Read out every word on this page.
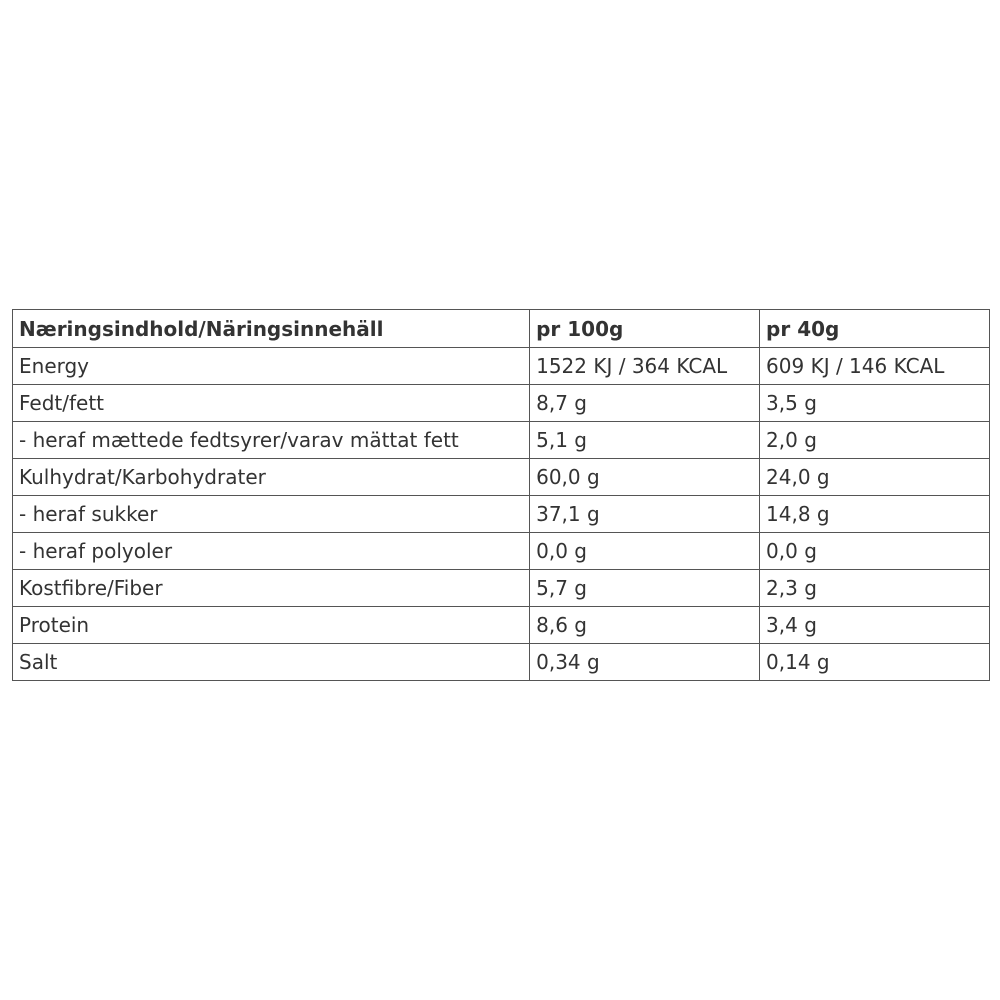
Næringsindhold/Näringsinnehäll	pr 100g	pr 40g
Energy	1522 KJ / 364 KCAL	609 KJ / 146 KCAL
Fedt/fett	8,7 g	3,5 g
- heraf mættede fedtsyrer/varav mättat fett	5,1 g	2,0 g
Kulhydrat/Karbohydrater	60,0 g	24,0 g
- heraf sukker	37,1 g	14,8 g
- heraf polyoler	0,0 g	0,0 g
Kostfibre/Fiber	5,7 g	2,3 g
Protein	8,6 g	3,4 g
Salt	0,34 g	0,14 g
